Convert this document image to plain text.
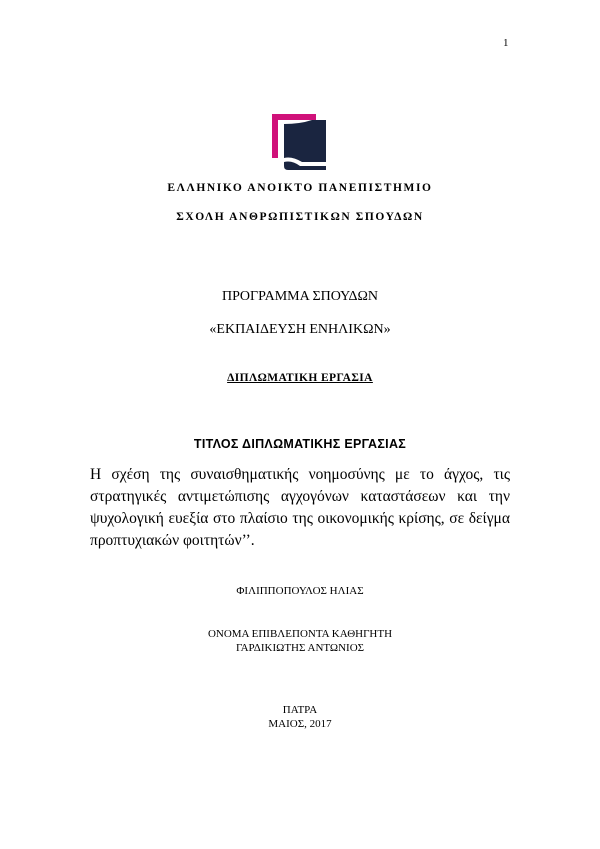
1
ΕΛΛΗΝΙΚΟ ΑΝΟΙΚΤΟ ΠΑΝΕΠΙΣΤΗΜΙΟ
ΣΧΟΛΗ ΑΝΘΡΩΠΙΣΤΙΚΩΝ ΣΠΟΥΔΩΝ
ΠΡΟΓΡΑΜΜΑ ΣΠΟΥΔΩΝ
«ΕΚΠΑΙΔΕΥΣΗ ΕΝΗΛΙΚΩΝ»
ΔΙΠΛΩΜΑΤΙΚΗ ΕΡΓΑΣΙΑ
ΤΙΤΛΟΣ ΔΙΠΛΩΜΑΤΙΚΗΣ ΕΡΓΑΣΙΑΣ
Η σχέση της συναισθηματικής νοημοσύνης με το άγχος, τις στρατηγικές αντιμετώπισης αγχογόνων καταστάσεων και την ψυχολογική ευεξία στο πλαίσιο της οικονομικής κρίσης, σε δείγμα προπτυχιακών φοιτητών’’.
ΦΙΛΙΠΠΟΠΟΥΛΟΣ ΗΛΙΑΣ
ΟΝΟΜΑ ΕΠΙΒΛΕΠΟΝΤΑ ΚΑΘΗΓΗΤΗ
ΓΑΡΔΙΚΙΩΤΗΣ ΑΝΤΩΝΙΟΣ
ΠΑΤΡΑ
ΜΑΙΟΣ, 2017
